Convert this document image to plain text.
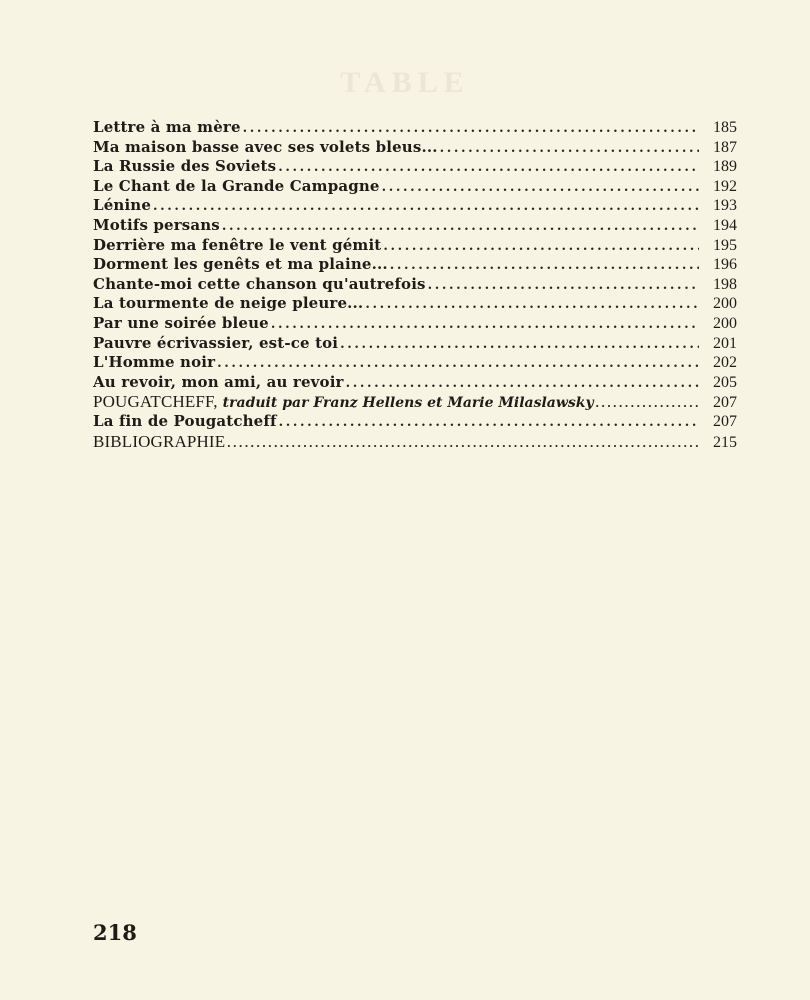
TABLE
Lettre à ma mère .....	185
Ma maison basse avec ses volets bleus... .....	187
La Russie des Soviets .....	189
Le Chant de la Grande Campagne .....	192
Lénine .....	193
Motifs persans .....	194
Derrière ma fenêtre le vent gémit .....	195
Dorment les genêts et ma plaine... .....	196
Chante-moi cette chanson qu'autrefois .....	198
La tourmente de neige pleure... .....	200
Par une soirée bleue .....	200
Pauvre écrivassier, est-ce toi .....	201
L'Homme noir .....	202
Au revoir, mon ami, au revoir .....	205
POUGATCHEFF, traduit par Franz Hellens et Marie Milaslawsky .....	207
La fin de Pougatcheff .....	207
BIBLIOGRAPHIE .....	215
218
